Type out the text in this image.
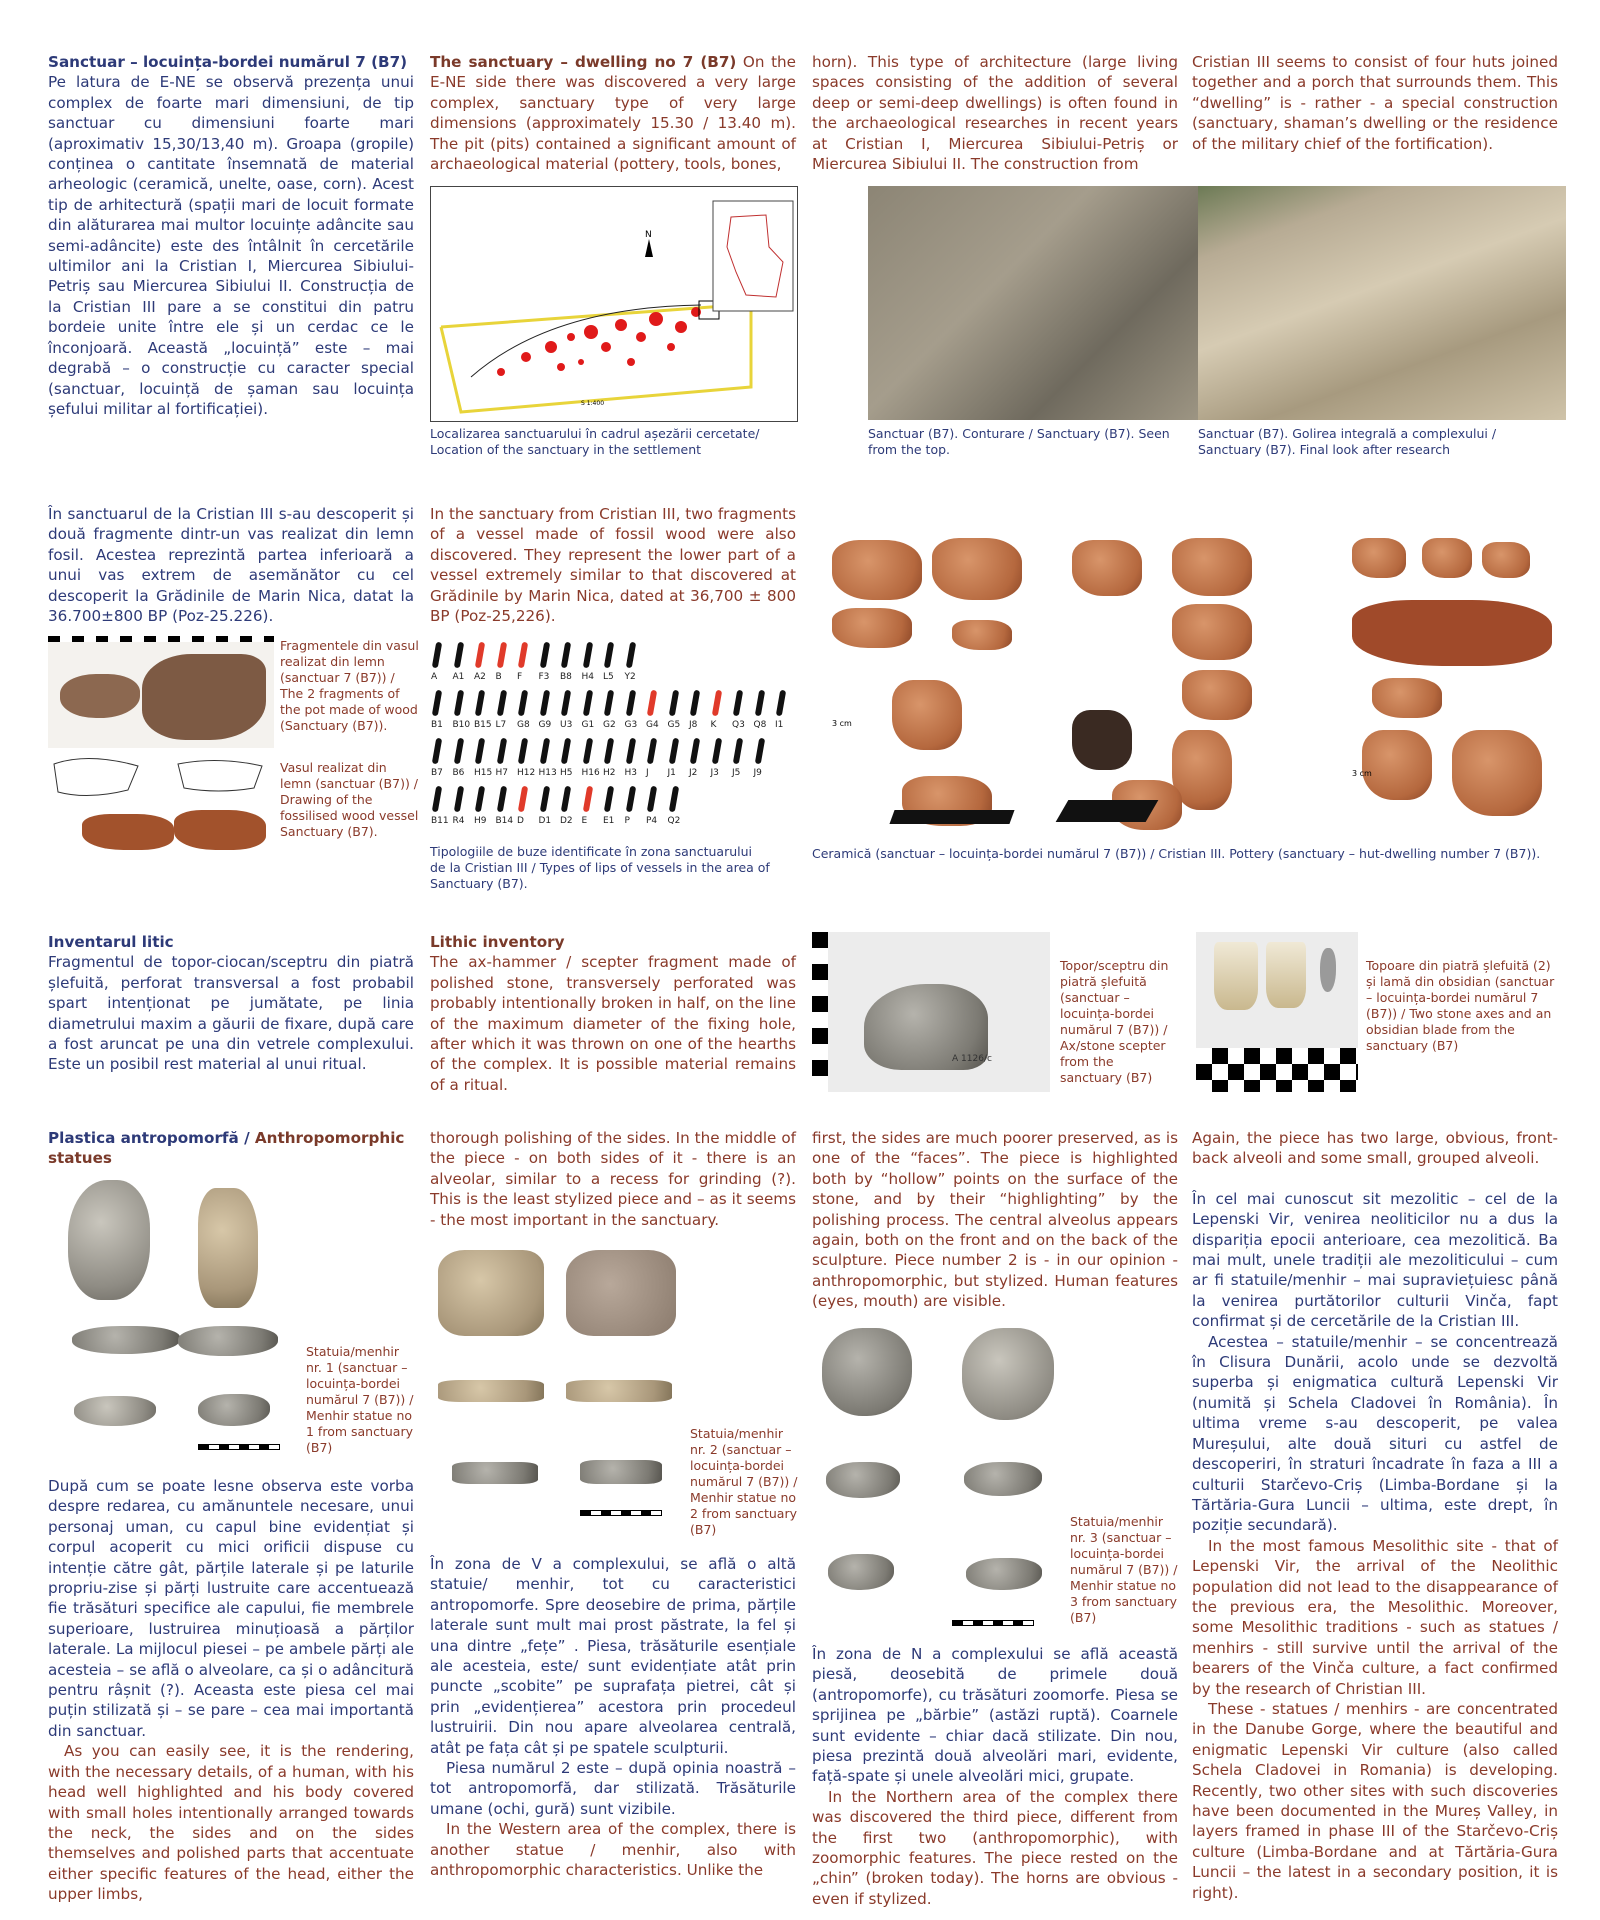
Sanctuar – locuința-bordei numărul 7 (B7)

Pe latura de E-NE se observă prezența unui complex de foarte mari dimensiuni, de tip sanctuar cu dimensiuni foarte mari (aproximativ 15,30/13,40 m). Groapa (gropile) conținea o cantitate însemnată de material arheologic (ceramică, unelte, oase, corn). Acest tip de arhitectură (spații mari de locuit formate din alăturarea mai multor locuințe adâncite sau semi-adâncite) este des întâlnit în cercetările ultimilor ani la Cristian I, Miercurea Sibiului-Petriș sau Miercurea Sibiului II. Construcția de la Cristian III pare a se constitui din patru bordeie unite între ele și un cerdac ce le înconjoară. Această „locuință” este – mai degrabă – o construcție cu caracter special (sanctuar, locuință de șaman sau locuința șefului militar al fortificației).

The sanctuary – dwelling no 7 (B7) On the E-NE side there was discovered a very large complex, sanctuary type of very large dimensions (approximately 15.30 / 13.40 m). The pit (pits) contained a significant amount of archaeological material (pottery, tools, bones,

horn). This type of architecture (large living spaces consisting of the addition of several deep or semi-deep dwellings) is often found in the archaeological researches in recent years at Cristian I, Miercurea Sibiului-Petriș or Miercurea Sibiului II. The construction from
Cristian III seems to consist of four huts joined together and a porch that surrounds them. This “dwelling” is - rather - a special construction (sanctuary, shaman’s dwelling or the residence of the military chief of the fortification).
N
S 1:400
Localizarea sanctuarului în cadrul așezării cercetate/ Location of the sanctuary in the settlement
Sanctuar (B7). Conturare / Sanctuary (B7). Seen from the top.
Sanctuar (B7). Golirea integrală a complexului / Sanctuary (B7). Final look after research
În sanctuarul de la Cristian III s-au descoperit și două fragmente dintr-un vas realizat din lemn fosil. Acestea reprezintă partea inferioară a unui vas extrem de asemănător cu cel descoperit la Grădinile de Marin Nica, datat la 36.700±800 BP (Poz-25.226).
In the sanctuary from Cristian III, two fragments of a vessel made of fossil wood were also discovered. They represent the lower part of a vessel extremely similar to that discovered at Grădinile by Marin Nica, dated at 36,700 ± 800 BP (Poz-25,226).
Fragmentele din vasul realizat din lemn (sanctuar 7 (B7)) / The 2 fragments of the pot made of wood (Sanctuary (B7)).
Vasul realizat din lemn (sanctuar (B7)) / Drawing of the fossilised wood vessel Sanctuary (B7).
A A1 A2 B F F3 B8 H4 L5 Y2
B1 B10 B15 L7 G8 G9 U3 G1 G2 G3 G4 G5 J8 K Q3 Q8 I1
B7 B6 H15 H7 H12 H13 H5 H16 H2 H3 J J1 J2 J3 J5 J9
B11 R4 H9 B14 D D1 D2 E E1 P P4 Q2
Tipologiile de buze identificate în zona sanctuarului de la Cristian III / Types of lips of vessels in the area of Sanctuary (B7).
3 cm
3 cm
Ceramică (sanctuar – locuința-bordei numărul 7 (B7)) / Cristian III. Pottery (sanctuary – hut-dwelling number 7 (B7)).
Inventarul litic

Fragmentul de topor-ciocan/sceptru din piatră șlefuită, perforat transversal a fost probabil spart intenționat pe jumătate, pe linia diametrului maxim a găurii de fixare, după care a fost aruncat pe una din vetrele complexului. Este un posibil rest material al unui ritual.

Lithic inventory

The ax-hammer / scepter fragment made of polished stone, transversely perforated was probably intentionally broken in half, on the line of the maximum diameter of the fixing hole, after which it was thrown on one of the hearths of the complex. It is possible material remains of a ritual.

A 1126/c
Topor/sceptru din piatră șlefuită (sanctuar – locuința-bordei numărul 7 (B7)) / Ax/stone scepter from the sanctuary (B7)
Topoare din piatră șlefuită (2) și lamă din obsidian (sanctuar – locuința-bordei numărul 7 (B7)) / Two stone axes and an obsidian blade from the sanctuary (B7)
Plastica antropomorfă / Anthropomorphic statues
Statuia/menhir nr. 1 (sanctuar – locuința-bordei numărul 7 (B7)) / Menhir statue no 1 from sanctuary (B7)

După cum se poate lesne observa este vorba despre redarea, cu amănuntele necesare, unui personaj uman, cu capul bine evidențiat și corpul acoperit cu mici orificii dispuse cu intenție către gât, părțile laterale și pe laturile propriu-zise și părți lustruite care accentuează fie trăsături specifice ale capului, fie membrele superioare, lustruirea minuțioasă a părților laterale. La mijlocul piesei – pe ambele părți ale acesteia – se află o alveolare, ca și o adâncitură pentru râșnit (?). Aceasta este piesa cel mai puțin stilizată și – se pare – cea mai importantă din sanctuar.

As you can easily see, it is the rendering, with the necessary details, of a human, with his head well highlighted and his body covered with small holes intentionally arranged towards the neck, the sides and on the sides themselves and polished parts that accentuate either specific features of the head, either the upper limbs,

thorough polishing of the sides. In the middle of the piece - on both sides of it - there is an alveolar, similar to a recess for grinding (?). This is the least stylized piece and – as it seems - the most important in the sanctuary.
Statuia/menhir nr. 2 (sanctuar – locuința-bordei numărul 7 (B7)) / Menhir statue no 2 from sanctuary (B7)

În zona de V a complexului, se află o altă statuie/ menhir, tot cu caracteristici antropomorfe. Spre deosebire de prima, părțile laterale sunt mult mai prost păstrate, la fel și una dintre „fețe” . Piesa, trăsăturile esențiale ale acesteia, este/ sunt evidențiate atât prin puncte „scobite” pe suprafața pietrei, cât și prin „evidențierea” acestora prin procedeul lustruirii. Din nou apare alveolarea centrală, atât pe fața cât și pe spatele sculpturii.

Piesa numărul 2 este – după opinia noastră – tot antropomorfă, dar stilizată. Trăsăturile umane (ochi, gură) sunt vizibile.

In the Western area of the complex, there is another statue / menhir, also with anthropomorphic characteristics. Unlike the

first, the sides are much poorer preserved, as is one of the “faces”. The piece is highlighted both by “hollow” points on the surface of the stone, and by their “highlighting” by the polishing process. The central alveolus appears again, both on the front and on the back of the sculpture. Piece number 2 is - in our opinion - anthropomorphic, but stylized. Human features (eyes, mouth) are visible.
Statuia/menhir nr. 3 (sanctuar – locuința-bordei numărul 7 (B7)) / Menhir statue no 3 from sanctuary (B7)

În zona de N a complexului se află această piesă, deosebită de primele două (antropomorfe), cu trăsături zoomorfe. Piesa se sprijinea pe „bărbie” (astăzi ruptă). Coarnele sunt evidente – chiar dacă stilizate. Din nou, piesa prezintă două alveolări mari, evidente, față-spate și unele alveolări mici, grupate.

In the Northern area of the complex there was discovered the third piece, different from the first two (anthropomorphic), with zoomorphic features. The piece rested on the „chin” (broken today). The horns are obvious - even if stylized.

Again, the piece has two large, obvious, front-back alveoli and some small, grouped alveoli.

În cel mai cunoscut sit mezolitic – cel de la Lepenski Vir, venirea neoliticilor nu a dus la dispariția epocii anterioare, cea mezolitică. Ba mai mult, unele tradiții ale mezoliticului – cum ar fi statuile/menhir – mai supraviețuiesc până la venirea purtătorilor culturii Vinča, fapt confirmat și de cercetările de la Cristian III.

Acestea – statuile/menhir – se concentrează în Clisura Dunării, acolo unde se dezvoltă superba și enigmatica cultură Lepenski Vir (numită și Schela Cladovei în România). În ultima vreme s-au descoperit, pe valea Mureșului, alte două situri cu astfel de descoperiri, în straturi încadrate în faza a III a culturii Starčevo-Criș (Limba-Bordane și la Tărtăria-Gura Luncii – ultima, este drept, în poziție secundară).

In the most famous Mesolithic site - that of Lepenski Vir, the arrival of the Neolithic population did not lead to the disappearance of the previous era, the Mesolithic. Moreover, some Mesolithic traditions - such as statues / menhirs - still survive until the arrival of the bearers of the Vinča culture, a fact confirmed by the research of Christian III.

These - statues / menhirs - are concentrated in the Danube Gorge, where the beautiful and enigmatic Lepenski Vir culture (also called Schela Cladovei in Romania) is developing. Recently, two other sites with such discoveries have been documented in the Mureș Valley, in layers framed in phase III of the Starčevo-Criș culture (Limba-Bordane and at Tărtăria-Gura Luncii – the latest in a secondary position, it is right).
